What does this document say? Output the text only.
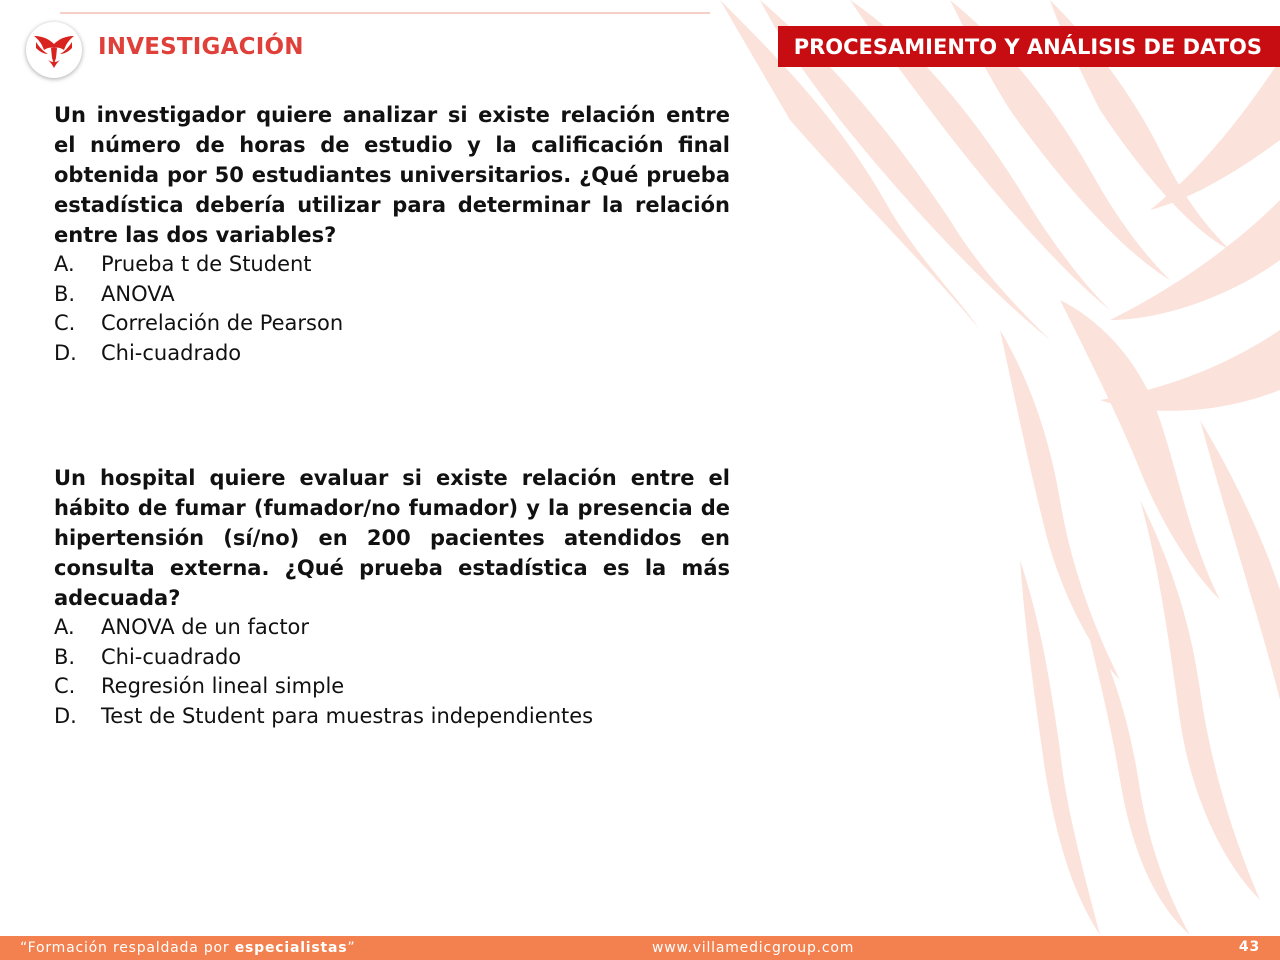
INVESTIGACIÓN	PROCESAMIENTO Y ANÁLISIS DE DATOS

Un investigador quiere analizar si existe relación entre el número de horas de estudio y la calificación final obtenida por 50 estudiantes universitarios. ¿Qué prueba estadística debería utilizar para determinar la relación entre las dos variables?

A.	Prueba t de Student
B.	ANOVA
C.	Correlación de Pearson
D.	Chi-cuadrado

Un hospital quiere evaluar si existe relación entre el hábito de fumar (fumador/no fumador) y la presencia de hipertensión (sí/no) en 200 pacientes atendidos en consulta externa. ¿Qué prueba estadística es la más adecuada?

A.	ANOVA de un factor
B.	Chi-cuadrado
C.	Regresión lineal simple
D.	Test de Student para muestras independientes
“Formación respaldada por especialistas”	www.villamedicgroup.com	43
